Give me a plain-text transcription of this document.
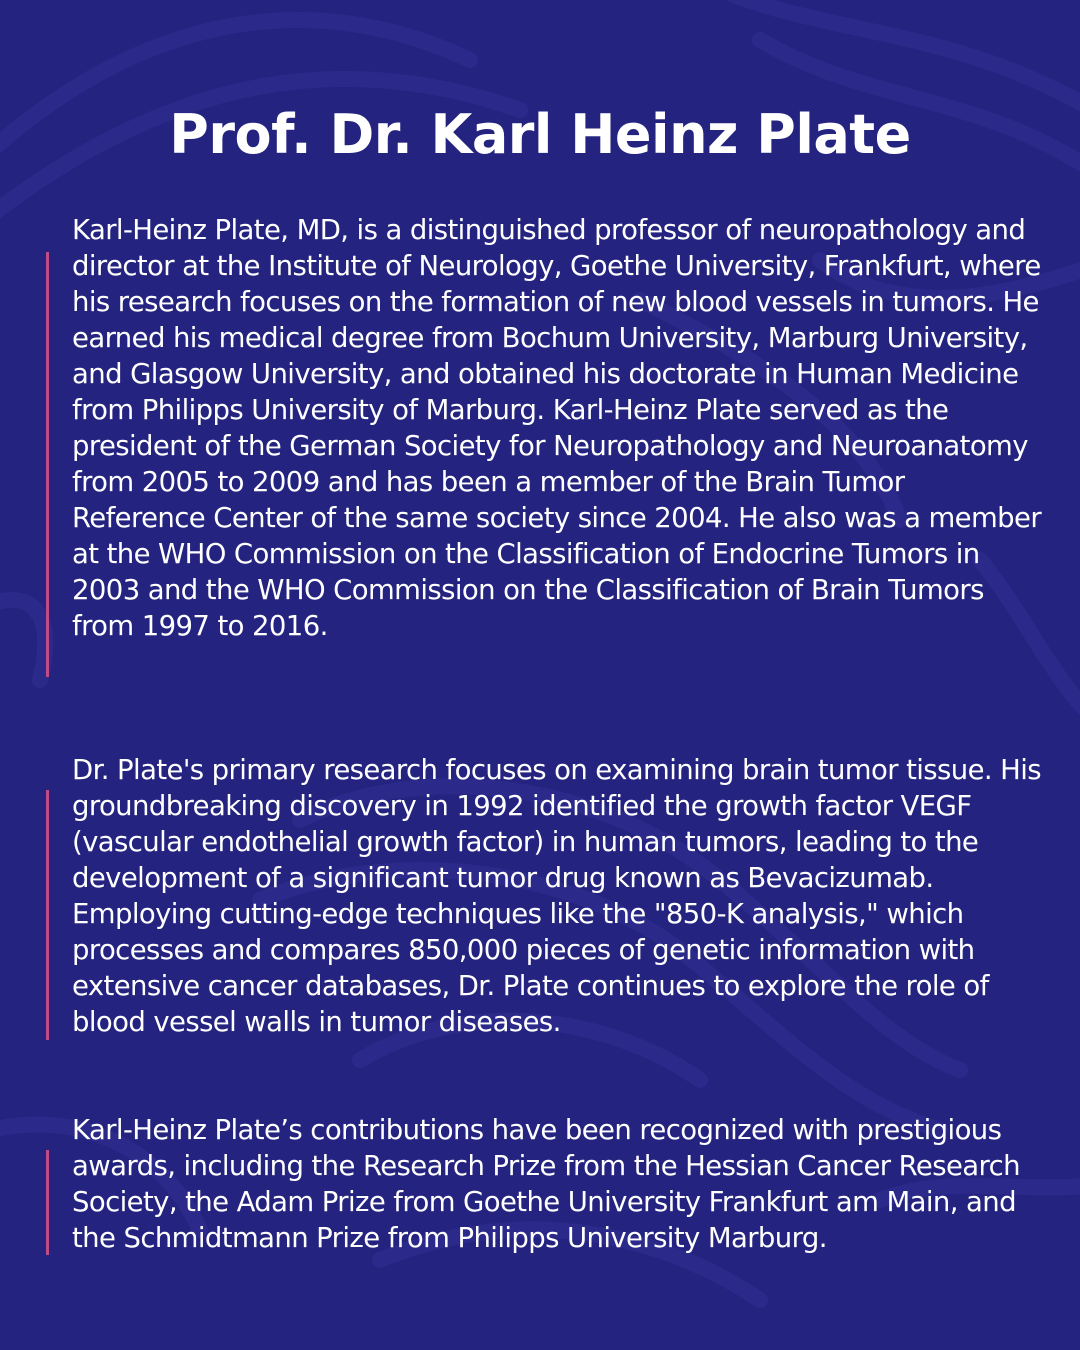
Prof. Dr. Karl Heinz Plate

Karl-Heinz Plate, MD, is a distinguished professor of neuropathology and director at the Institute of Neurology, Goethe University, Frankfurt, where his research focuses on the formation of new blood vessels in tumors. He earned his medical degree from Bochum University, Marburg University, and Glasgow University, and obtained his doctorate in Human Medicine from Philipps University of Marburg. Karl-Heinz Plate served as the president of the German Society for Neuropathology and Neuroanatomy from 2005 to 2009 and has been a member of the Brain Tumor Reference Center of the same society since 2004. He also was a member at the WHO Commission on the Classification of Endocrine Tumors in 2003 and the WHO Commission on the Classification of Brain Tumors from 1997 to 2016.

Dr. Plate's primary research focuses on examining brain tumor tissue. His groundbreaking discovery in 1992 identified the growth factor VEGF (vascular endothelial growth factor) in human tumors, leading to the development of a significant tumor drug known as Bevacizumab. Employing cutting-edge techniques like the "850-K analysis," which processes and compares 850,000 pieces of genetic information with extensive cancer databases, Dr. Plate continues to explore the role of blood vessel walls in tumor diseases.

Karl-Heinz Plate’s contributions have been recognized with prestigious awards, including the Research Prize from the Hessian Cancer Research Society, the Adam Prize from Goethe University Frankfurt am Main, and the Schmidtmann Prize from Philipps University Marburg.
